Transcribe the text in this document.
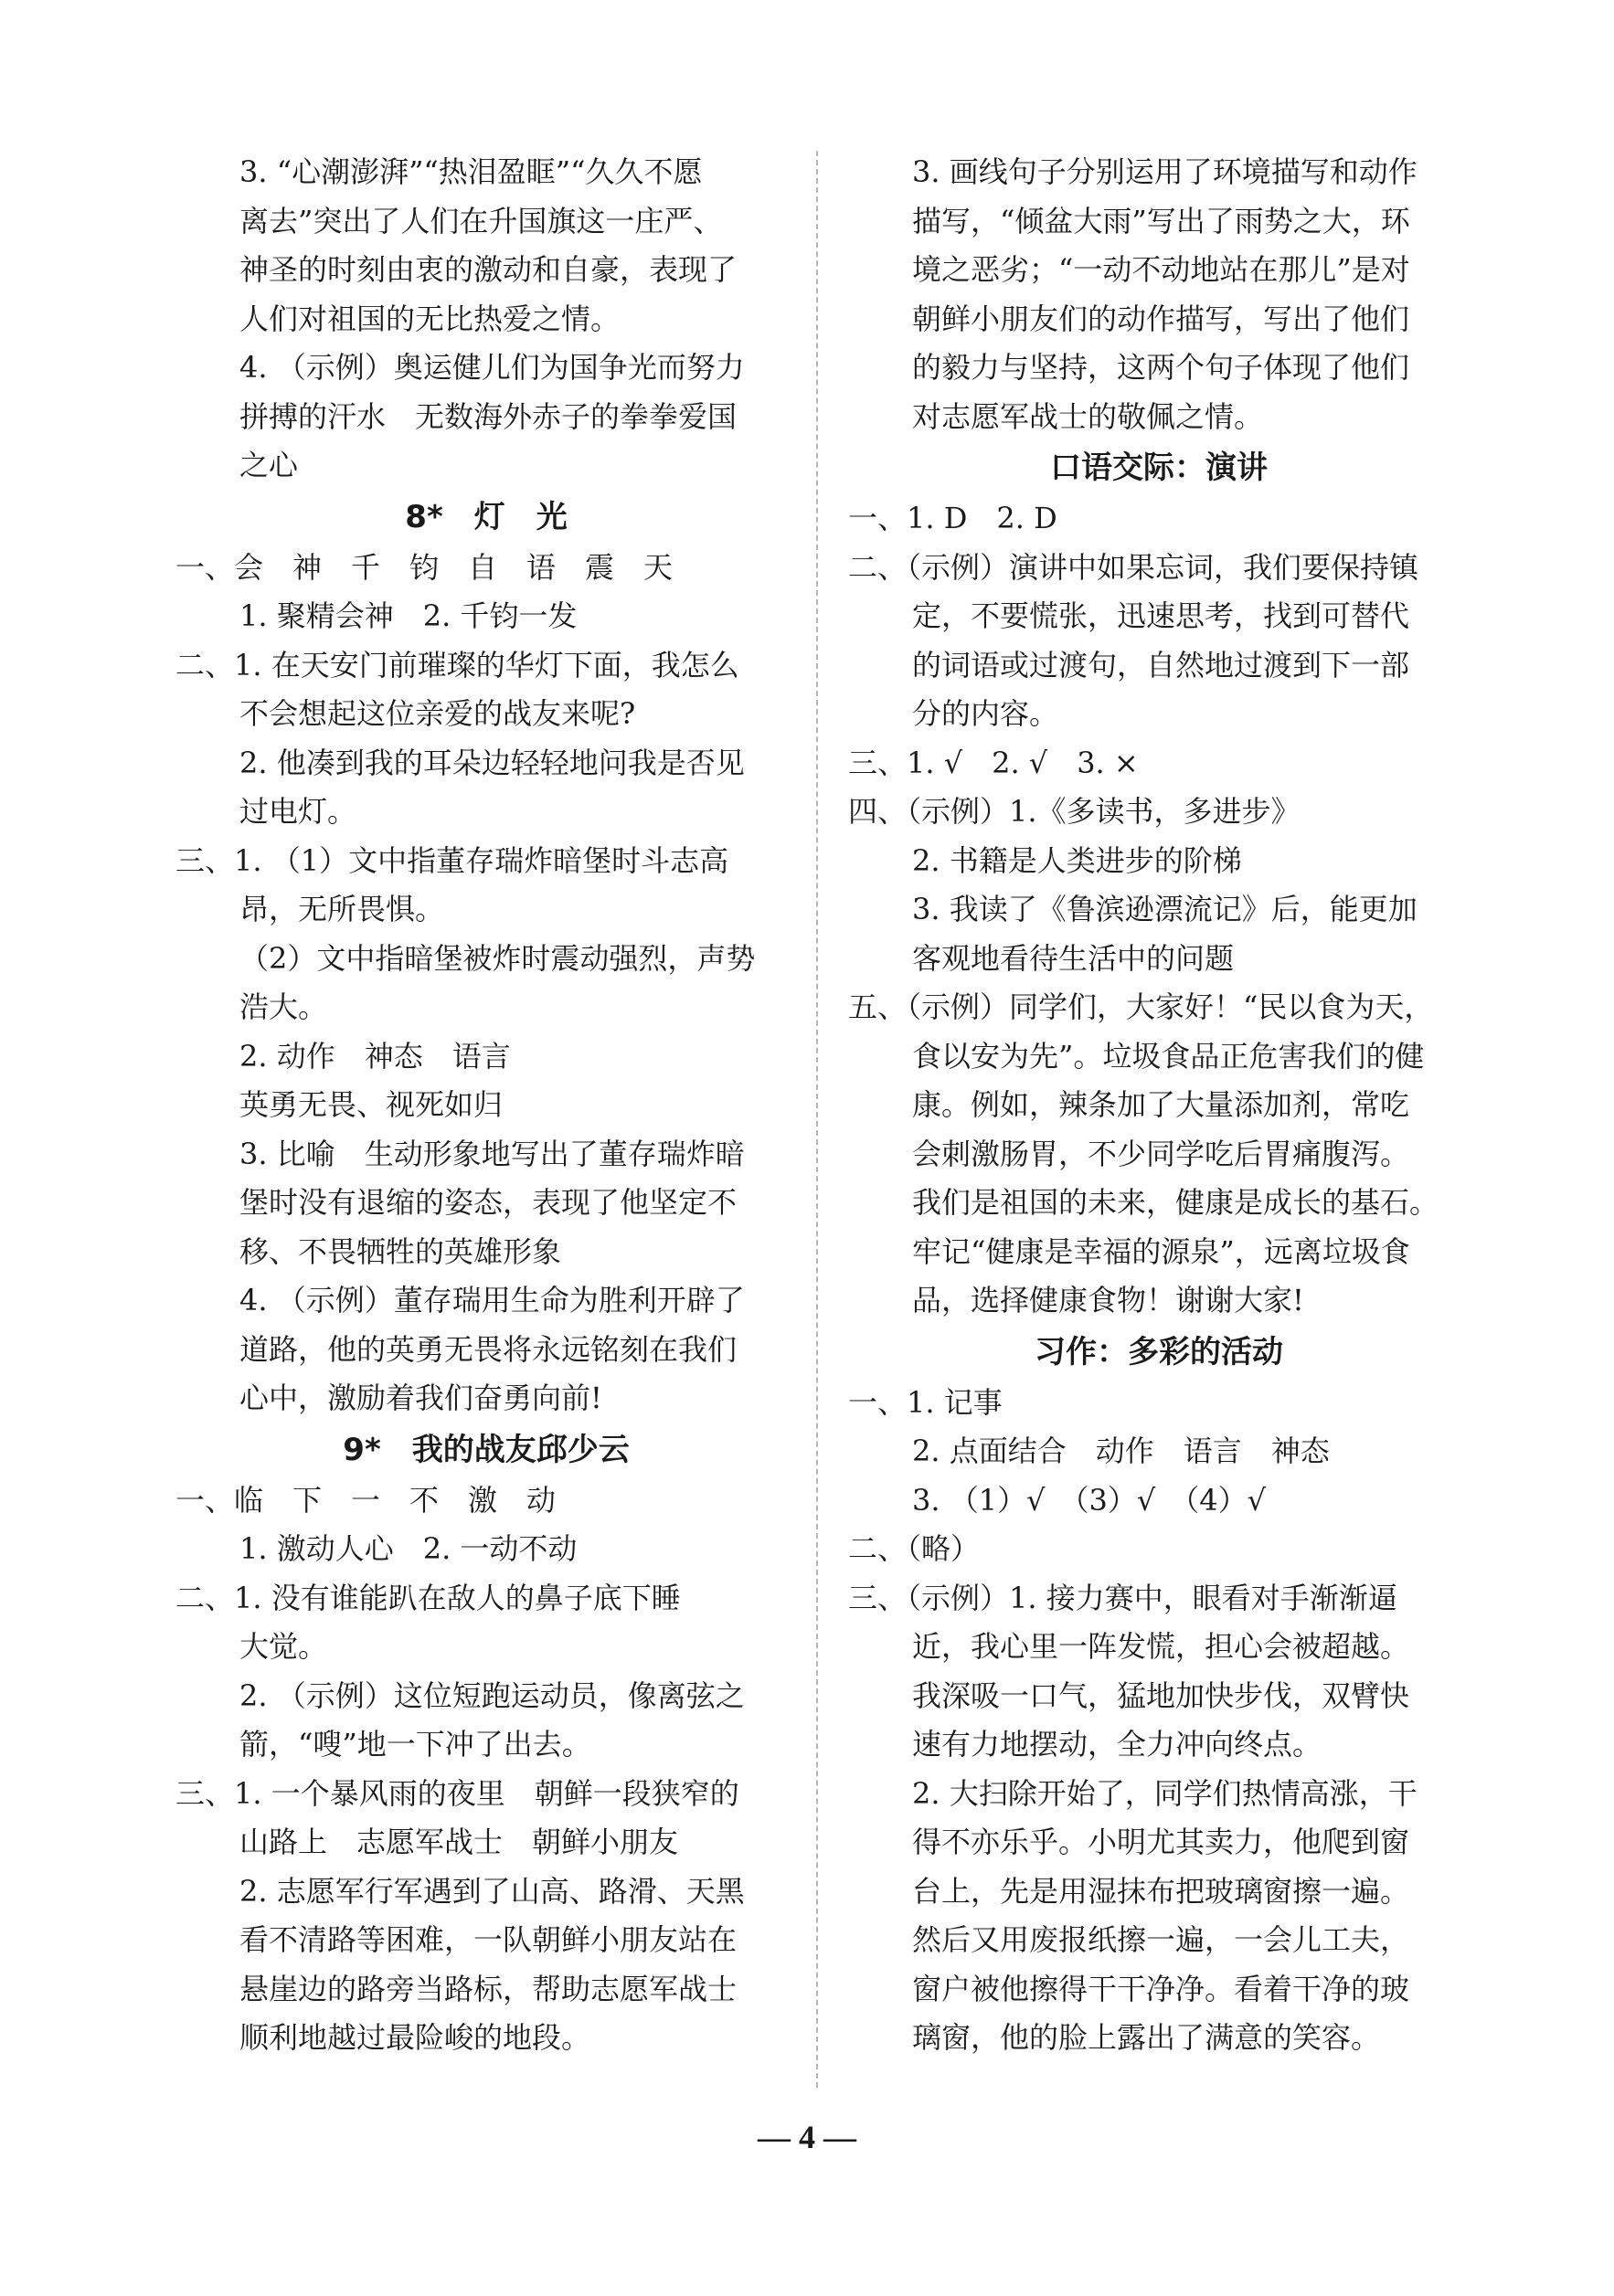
3. “心潮澎湃”“热泪盈眶”“久久不愿
离去”突出了人们在升国旗这一庄严、
神圣的时刻由衷的激动和自豪，表现了
人们对祖国的无比热爱之情。
4. （示例）奥运健儿们为国争光而努力
拼搏的汗水　无数海外赤子的拳拳爱国
之心
8*　灯　光
一、会　神　千　钧　自　语　震　天
1. 聚精会神　2. 千钧一发
二、1. 在天安门前璀璨的华灯下面，我怎么
不会想起这位亲爱的战友来呢?
2. 他凑到我的耳朵边轻轻地问我是否见
过电灯。
三、1. （1）文中指董存瑞炸暗堡时斗志高
昂，无所畏惧。
（2）文中指暗堡被炸时震动强烈，声势
浩大。
2. 动作　神态　语言
英勇无畏、视死如归
3. 比喻　生动形象地写出了董存瑞炸暗
堡时没有退缩的姿态，表现了他坚定不
移、不畏牺牲的英雄形象
4. （示例）董存瑞用生命为胜利开辟了
道路，他的英勇无畏将永远铭刻在我们
心中，激励着我们奋勇向前!
9*　我的战友邱少云
一、临　下　一　不　激　动
1. 激动人心　2. 一动不动
二、1. 没有谁能趴在敌人的鼻子底下睡
大觉。
2. （示例）这位短跑运动员，像离弦之
箭，“嗖”地一下冲了出去。
三、1. 一个暴风雨的夜里　朝鲜一段狭窄的
山路上　志愿军战士　朝鲜小朋友
2. 志愿军行军遇到了山高、路滑、天黑
看不清路等困难，一队朝鲜小朋友站在
悬崖边的路旁当路标，帮助志愿军战士
顺利地越过最险峻的地段。
3. 画线句子分别运用了环境描写和动作
描写，“倾盆大雨”写出了雨势之大，环
境之恶劣；“一动不动地站在那儿”是对
朝鲜小朋友们的动作描写，写出了他们
的毅力与坚持，这两个句子体现了他们
对志愿军战士的敬佩之情。
口语交际：演讲
一、1. D　2. D
二、（示例）演讲中如果忘词，我们要保持镇
定，不要慌张，迅速思考，找到可替代
的词语或过渡句，自然地过渡到下一部
分的内容。
三、1. √　2. √　3. ×
四、（示例）1.《多读书，多进步》
2. 书籍是人类进步的阶梯
3. 我读了《鲁滨逊漂流记》后，能更加
客观地看待生活中的问题
五、（示例）同学们，大家好！“民以食为天，
食以安为先”。垃圾食品正危害我们的健
康。例如，辣条加了大量添加剂，常吃
会刺激肠胃，不少同学吃后胃痛腹泻。
我们是祖国的未来，健康是成长的基石。
牢记“健康是幸福的源泉”，远离垃圾食
品，选择健康食物！谢谢大家!
习作：多彩的活动
一、1. 记事
2. 点面结合　动作　语言　神态
3. （1）√　（3）√　（4）√
二、（略）
三、（示例）1. 接力赛中，眼看对手渐渐逼
近，我心里一阵发慌，担心会被超越。
我深吸一口气，猛地加快步伐，双臂快
速有力地摆动，全力冲向终点。
2. 大扫除开始了，同学们热情高涨，干
得不亦乐乎。小明尤其卖力，他爬到窗
台上，先是用湿抹布把玻璃窗擦一遍。
然后又用废报纸擦一遍，一会儿工夫，
窗户被他擦得干干净净。看着干净的玻
璃窗，他的脸上露出了满意的笑容。
— 4 —
